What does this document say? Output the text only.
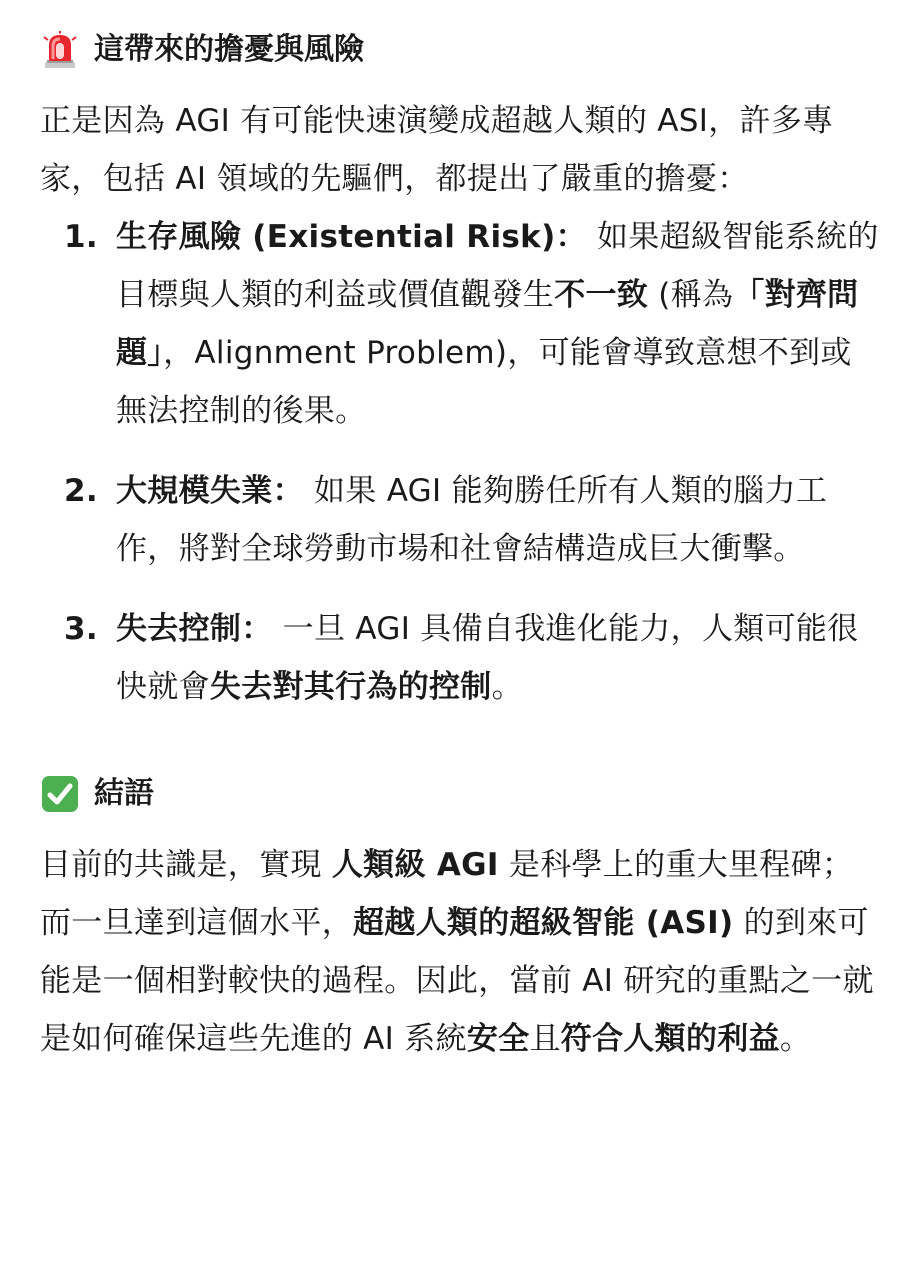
這帶來的擔憂與風險

正是因為 AGI 有可能快速演變成超越人類的 ASI，許多專家，包括 AI 領域的先驅們，都提出了嚴重的擔憂：

1. 生存風險 (Existential Risk)： 如果超級智能系統的目標與人類的利益或價值觀發生不一致 (稱為「對齊問題」，Alignment Problem)，可能會導致意想不到或無法控制的後果。
2. 大規模失業： 如果 AGI 能夠勝任所有人類的腦力工作，將對全球勞動市場和社會結構造成巨大衝擊。
3. 失去控制： 一旦 AGI 具備自我進化能力，人類可能很快就會失去對其行為的控制。
結語

目前的共識是，實現 人類級 AGI 是科學上的重大里程碑；而一旦達到這個水平，超越人類的超級智能 (ASI) 的到來可能是一個相對較快的過程。因此，當前 AI 研究的重點之一就是如何確保這些先進的 AI 系統安全且符合人類的利益。
